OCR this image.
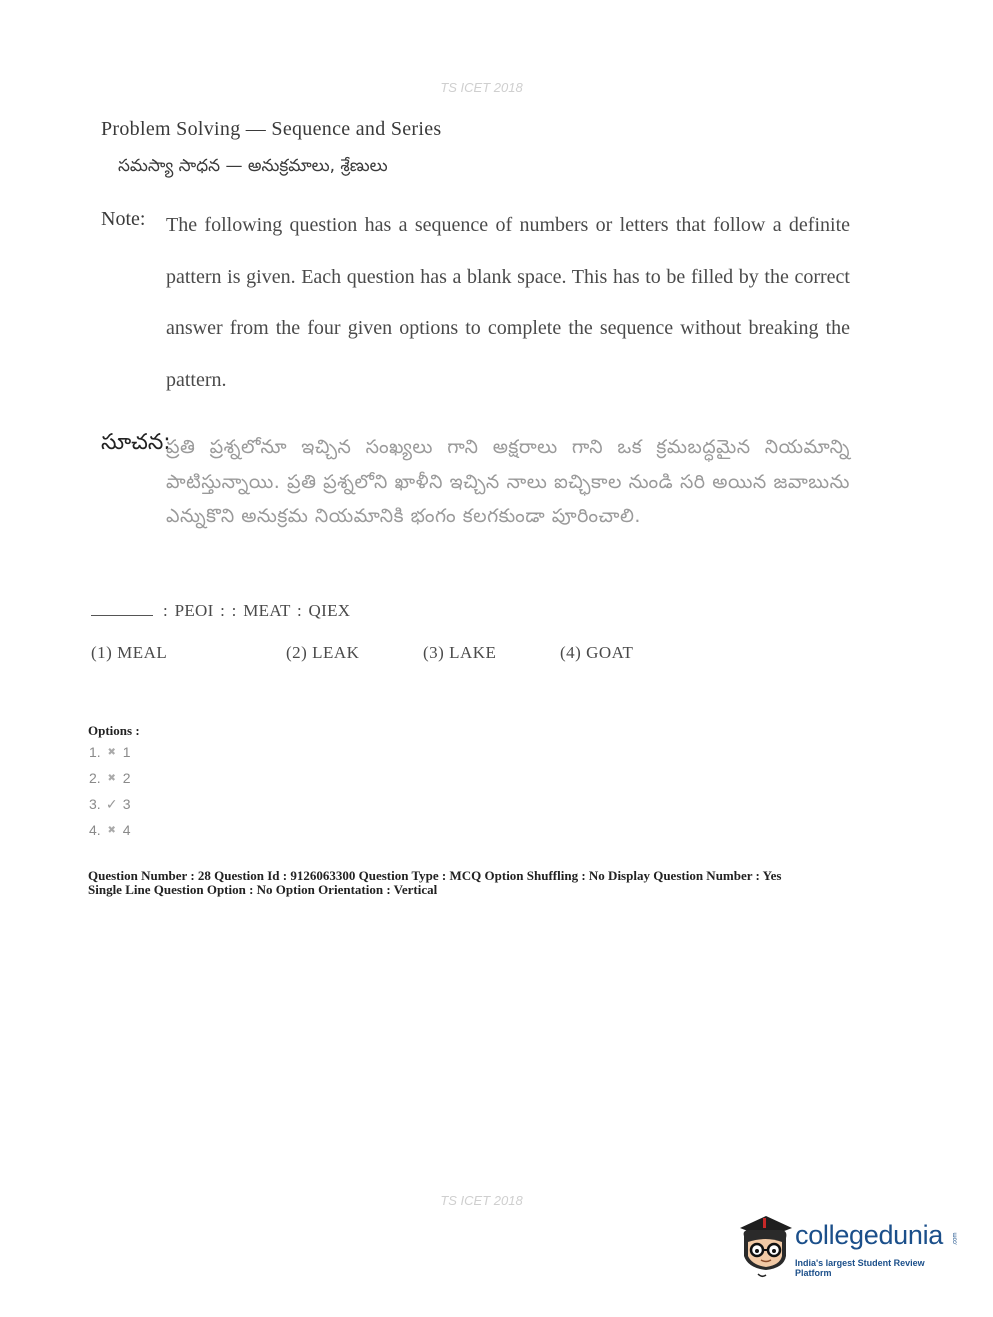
TS ICET 2018
Problem Solving — Sequence and Series
సమస్యా సాధన — అనుక్రమాలు, శ్రేణులు
Note: The following question has a sequence of numbers or letters that follow a definite pattern is given. Each question has a blank space. This has to be filled by the correct answer from the four given options to complete the sequence without breaking the pattern.
సూచన:
ప్రతి ప్రశ్నలోనూ ఇచ్చిన సంఖ్యలు గాని అక్షరాలు గాని ఒక క్రమబద్ధమైన నియమాన్ని పాటిస్తున్నాయి. ప్రతి ప్రశ్నలోని ఖాళీని ఇచ్చిన నాలు ఐచ్ఛికాల నుండి సరి అయిన జవాబును ఎన్నుకొని అనుక్రమ నియమానికి భంగం కలగకుండా పూరించాలి.
: PEOI : : MEAT : QIEX
(1) MEAL	(2) LEAK	(3) LAKE	(4) GOAT
Options :
1. ✖ 1
2. ✖ 2
3. ✓ 3
4. ✖ 4
Question Number : 28 Question Id : 9126063300 Question Type : MCQ Option Shuffling : No Display Question Number : Yes
Single Line Question Option : No Option Orientation : Vertical
TS ICET 2018
collegedunia .com
India's largest Student Review Platform
